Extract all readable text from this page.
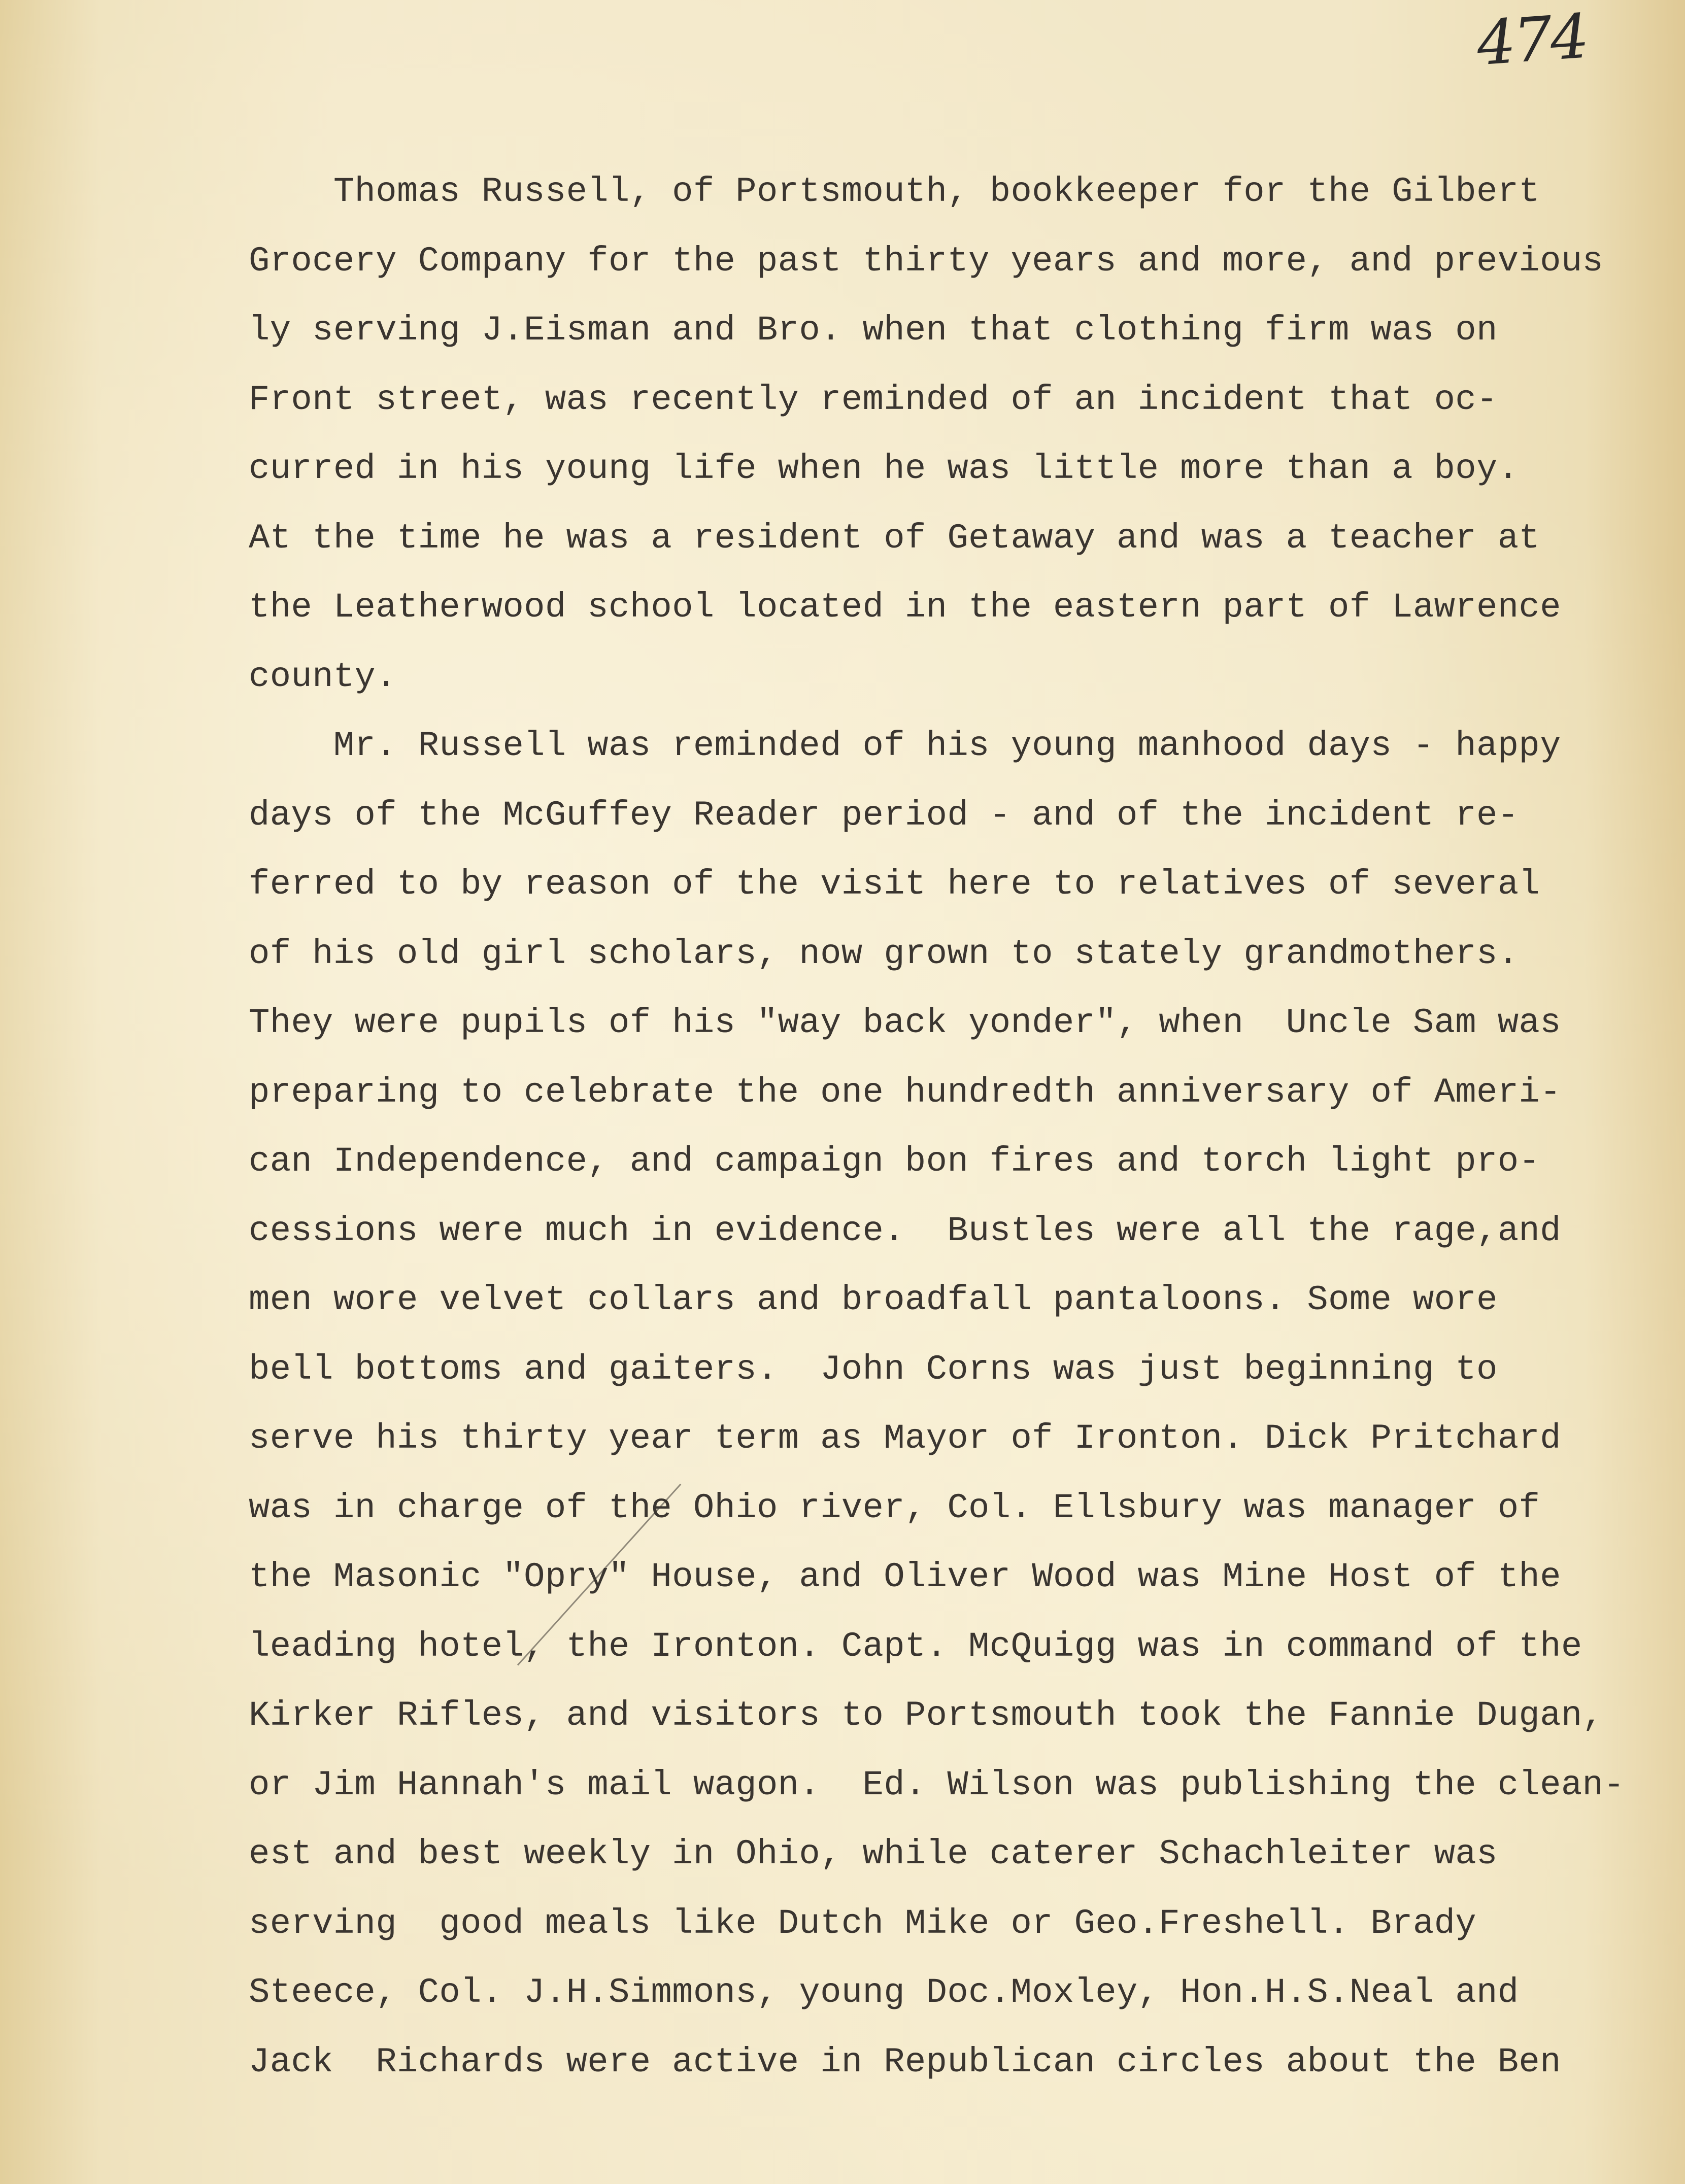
474
Thomas Russell, of Portsmouth, bookkeeper for the Gilbert
Grocery Company for the past thirty years and more, and previous
ly serving J.Eisman and Bro. when that clothing firm was on
Front street, was recently reminded of an incident that oc-
curred in his young life when he was little more than a boy.
At the time he was a resident of Getaway and was a teacher at
the Leatherwood school located in the eastern part of Lawrence
county.
Mr. Russell was reminded of his young manhood days - happy
days of the McGuffey Reader period - and of the incident re-
ferred to by reason of the visit here to relatives of several
of his old girl scholars, now grown to stately grandmothers.
They were pupils of his "way back yonder", when  Uncle Sam was
preparing to celebrate the one hundredth anniversary of Ameri-
can Independence, and campaign bon fires and torch light pro-
cessions were much in evidence.  Bustles were all the rage,and
men wore velvet collars and broadfall pantaloons. Some wore
bell bottoms and gaiters.  John Corns was just beginning to
serve his thirty year term as Mayor of Ironton. Dick Pritchard
was in charge of the Ohio river, Col. Ellsbury was manager of
the Masonic "Opry" House, and Oliver Wood was Mine Host of the
leading hotel, the Ironton. Capt. McQuigg was in command of the
Kirker Rifles, and visitors to Portsmouth took the Fannie Dugan,
or Jim Hannah's mail wagon.  Ed. Wilson was publishing the clean-
est and best weekly in Ohio, while caterer Schachleiter was
serving  good meals like Dutch Mike or Geo.Freshell. Brady
Steece, Col. J.H.Simmons, young Doc.Moxley, Hon.H.S.Neal and
Jack  Richards were active in Republican circles about the Ben
